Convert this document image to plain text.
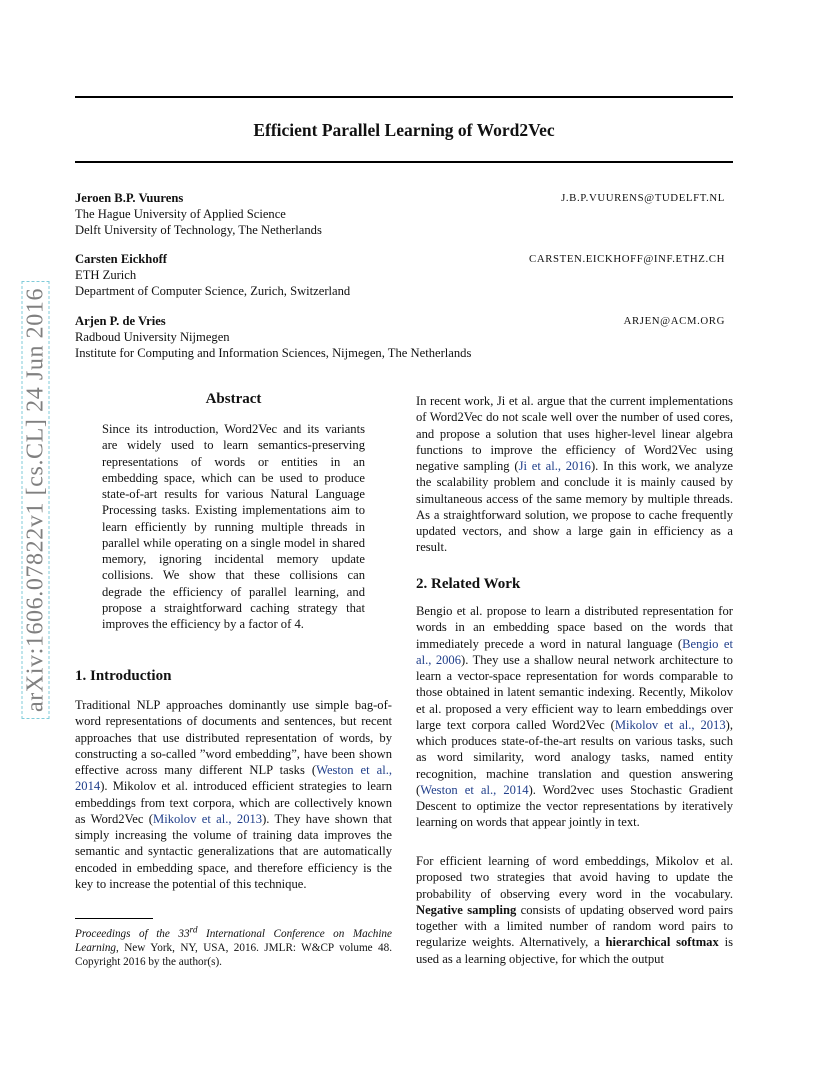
arXiv:1606.07822v1 [cs.CL] 24 Jun 2016
Efficient Parallel Learning of Word2Vec
Jeroen B.P. Vuurens	J.B.P.VUURENS@TUDELFT.NL
The Hague University of Applied Science
Delft University of Technology, The Netherlands
Carsten Eickhoff	CARSTEN.EICKHOFF@INF.ETHZ.CH
ETH Zurich
Department of Computer Science, Zurich, Switzerland
Arjen P. de Vries	ARJEN@ACM.ORG
Radboud University Nijmegen
Institute for Computing and Information Sciences, Nijmegen, The Netherlands
Abstract
Since its introduction, Word2Vec and its variants are widely used to learn semantics-preserving representations of words or entities in an embedding space, which can be used to produce state-of-art results for various Natural Language Processing tasks. Existing implementations aim to learn efficiently by running multiple threads in parallel while operating on a single model in shared memory, ignoring incidental memory update collisions. We show that these collisions can degrade the efficiency of parallel learning, and propose a straightforward caching strategy that improves the efficiency by a factor of 4.
1. Introduction

Traditional NLP approaches dominantly use simple bag-of-word representations of documents and sentences, but recent approaches that use distributed representation of words, by constructing a so-called ”word embedding”, have been shown effective across many different NLP tasks (Weston et al., 2014). Mikolov et al. introduced efficient strategies to learn embeddings from text corpora, which are collectively known as Word2Vec (Mikolov et al., 2013). They have shown that simply increasing the volume of training data improves the semantic and syntactic generalizations that are automatically encoded in embedding space, and therefore efficiency is the key to increase the potential of this technique.

Proceedings of the 33rd International Conference on Machine Learning, New York, NY, USA, 2016. JMLR: W&CP volume 48. Copyright 2016 by the author(s).

In recent work, Ji et al. argue that the current implementations of Word2Vec do not scale well over the number of used cores, and propose a solution that uses higher-level linear algebra functions to improve the efficiency of Word2Vec using negative sampling (Ji et al., 2016). In this work, we analyze the scalability problem and conclude it is mainly caused by simultaneous access of the same memory by multiple threads. As a straightforward solution, we propose to cache frequently updated vectors, and show a large gain in efficiency as a result.

2. Related Work

Bengio et al. propose to learn a distributed representation for words in an embedding space based on the words that immediately precede a word in natural language (Bengio et al., 2006). They use a shallow neural network architecture to learn a vector-space representation for words comparable to those obtained in latent semantic indexing. Recently, Mikolov et al. proposed a very efficient way to learn embeddings over large text corpora called Word2Vec (Mikolov et al., 2013), which produces state-of-the-art results on various tasks, such as word similarity, word analogy tasks, named entity recognition, machine translation and question answering (Weston et al., 2014). Word2vec uses Stochastic Gradient Descent to optimize the vector representations by iteratively learning on words that appear jointly in text.

For efficient learning of word embeddings, Mikolov et al. proposed two strategies that avoid having to update the probability of observing every word in the vocabulary. Negative sampling consists of updating observed word pairs together with a limited number of random word pairs to regularize weights. Alternatively, a hierarchical softmax is used as a learning objective, for which the output
